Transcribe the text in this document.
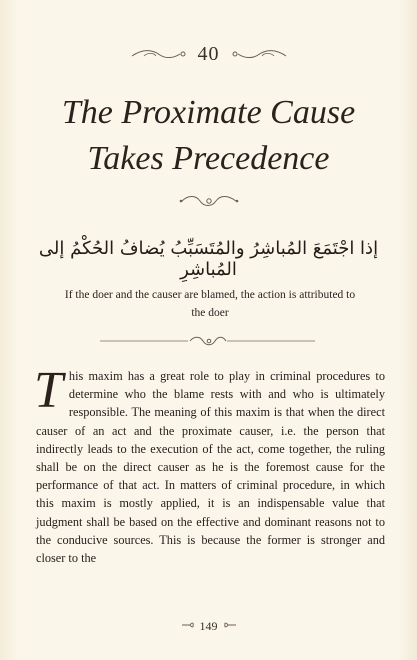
40
The Proximate Cause
Takes Precedence
إذا اجْتَمَعَ المُباشِرُ والمُتَسَبِّبُ يُضافُ الحُكْمُ إلى المُباشِرِ
If the doer and the causer are blamed, the action is attributed to the doer
This maxim has a great role to play in criminal procedures to determine who the blame rests with and who is ultimately responsible. The meaning of this maxim is that when the direct causer of an act and the proximate causer, i.e. the person that indirectly leads to the execution of the act, come together, the ruling shall be on the direct causer as he is the foremost cause for the performance of that act. In matters of criminal procedure, in which this maxim is mostly applied, it is an indispensable value that judgment shall be based on the effective and dominant reasons not to the conducive sources. This is because the former is stronger and closer to the
149
